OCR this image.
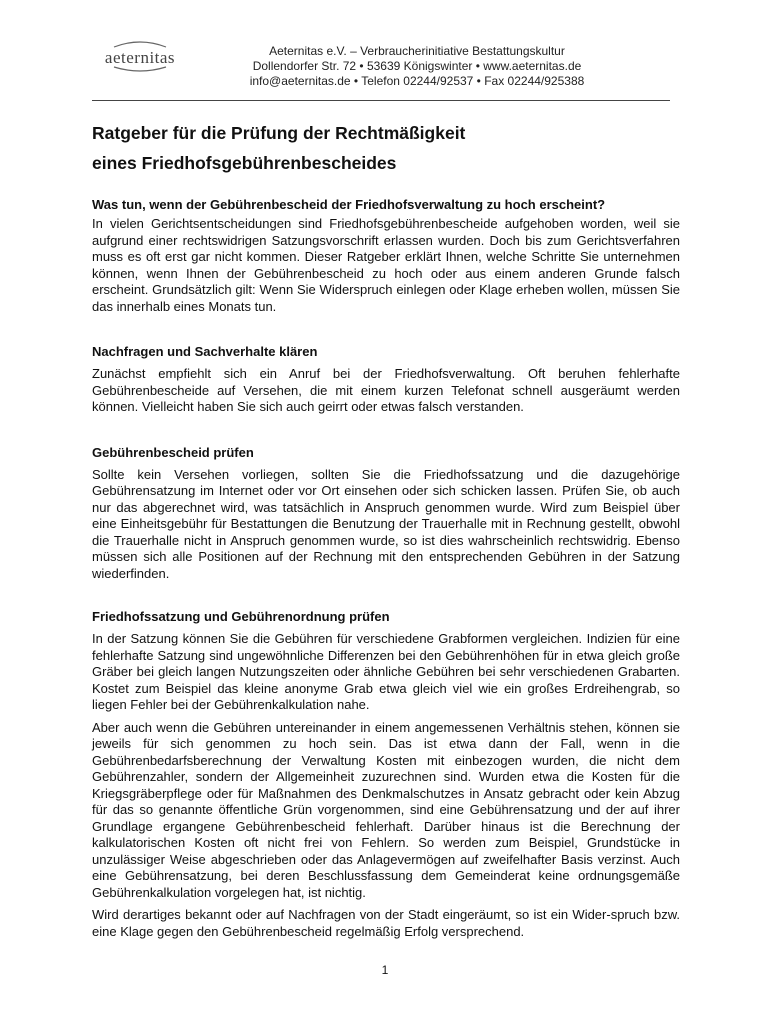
aeternitas	Aeternitas e.V. – Verbraucherinitiative Bestattungskultur
Dollendorfer Str. 72 • 53639 Königswinter • www.aeternitas.de
info@aeternitas.de • Telefon 02244/92537 • Fax 02244/925388
Ratgeber für die Prüfung der Rechtmäßigkeit
eines Friedhofsgebührenbescheides
Was tun, wenn der Gebührenbescheid der Friedhofsverwaltung zu hoch erscheint?

In vielen Gerichtsentscheidungen sind Friedhofsgebührenbescheide aufgehoben worden, weil sie aufgrund einer rechtswidrigen Satzungsvorschrift erlassen wurden. Doch bis zum Gerichtsverfahren muss es oft erst gar nicht kommen. Dieser Ratgeber erklärt Ihnen, welche Schritte Sie unternehmen können, wenn Ihnen der Gebührenbescheid zu hoch oder aus einem anderen Grunde falsch erscheint. Grundsätzlich gilt: Wenn Sie Widerspruch einlegen oder Klage erheben wollen, müssen Sie das innerhalb eines Monats tun.

Nachfragen und Sachverhalte klären

Zunächst empfiehlt sich ein Anruf bei der Friedhofsverwaltung. Oft beruhen fehlerhafte Gebührenbescheide auf Versehen, die mit einem kurzen Telefonat schnell ausgeräumt werden können. Vielleicht haben Sie sich auch geirrt oder etwas falsch verstanden.

Gebührenbescheid prüfen

Sollte kein Versehen vorliegen, sollten Sie die Friedhofssatzung und die dazugehörige Gebührensatzung im Internet oder vor Ort einsehen oder sich schicken lassen. Prüfen Sie, ob auch nur das abgerechnet wird, was tatsächlich in Anspruch genommen wurde. Wird zum Beispiel über eine Einheitsgebühr für Bestattungen die Benutzung der Trauerhalle mit in Rechnung gestellt, obwohl die Trauerhalle nicht in Anspruch genommen wurde, so ist dies wahrscheinlich rechtswidrig. Ebenso müssen sich alle Positionen auf der Rechnung mit den entsprechenden Gebühren in der Satzung wiederfinden.

Friedhofssatzung und Gebührenordnung prüfen

In der Satzung können Sie die Gebühren für verschiedene Grabformen vergleichen. Indizien für eine fehlerhafte Satzung sind ungewöhnliche Differenzen bei den Gebührenhöhen für in etwa gleich große Gräber bei gleich langen Nutzungszeiten oder ähnliche Gebühren bei sehr verschiedenen Grabarten. Kostet zum Beispiel das kleine anonyme Grab etwa gleich viel wie ein großes Erdreihengrab, so liegen Fehler bei der Gebührenkalkulation nahe.

Aber auch wenn die Gebühren untereinander in einem angemessenen Verhältnis stehen, können sie jeweils für sich genommen zu hoch sein. Das ist etwa dann der Fall, wenn in die Gebührenbedarfsberechnung der Verwaltung Kosten mit einbezogen wurden, die nicht dem Gebührenzahler, sondern der Allgemeinheit zuzurechnen sind. Wurden etwa die Kosten für die Kriegsgräberpflege oder für Maßnahmen des Denkmalschutzes in Ansatz gebracht oder kein Abzug für das so genannte öffentliche Grün vorgenommen, sind eine Gebührensatzung und der auf ihrer Grundlage ergangene Gebührenbescheid fehlerhaft. Darüber hinaus ist die Berechnung der kalkulatorischen Kosten oft nicht frei von Fehlern. So werden zum Beispiel, Grundstücke in unzulässiger Weise abgeschrieben oder das Anlagevermögen auf zweifelhafter Basis verzinst. Auch eine Gebührensatzung, bei deren Beschlussfassung dem Gemeinderat keine ordnungsgemäße Gebührenkalkulation vorgelegen hat, ist nichtig.

Wird derartiges bekannt oder auf Nachfragen von der Stadt eingeräumt, so ist ein Wider-spruch bzw. eine Klage gegen den Gebührenbescheid regelmäßig Erfolg versprechend.

1
